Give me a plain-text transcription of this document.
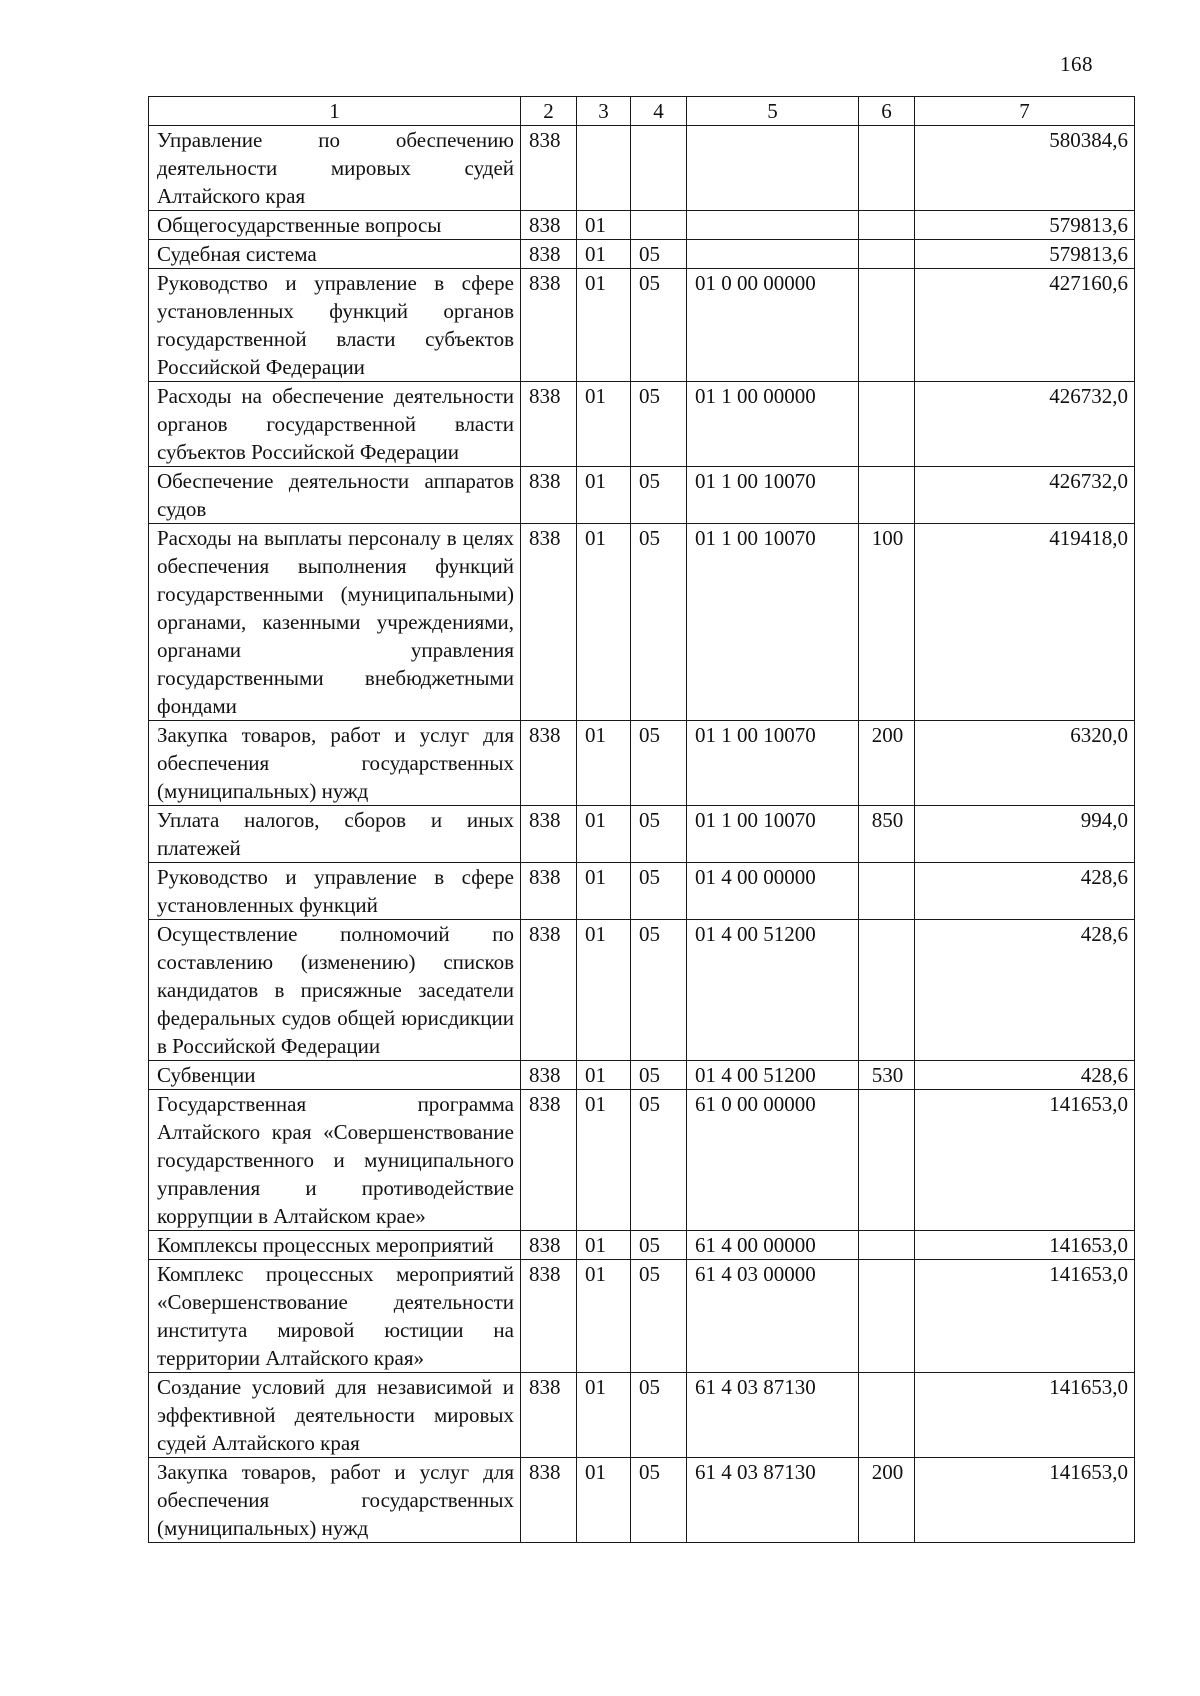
168
1	2	3	4	5	6	7
Управление по обеспечению деятельности мировых судей Алтайского края	838					580384,6
Общегосударственные вопросы	838	01				579813,6
Судебная система	838	01	05			579813,6
Руководство и управление в сфере установленных функций органов государственной власти субъектов Российской Федерации	838	01	05	01 0 00 00000		427160,6
Расходы на обеспечение деятельности органов государственной власти субъектов Российской Федерации	838	01	05	01 1 00 00000		426732,0
Обеспечение деятельности аппаратов судов	838	01	05	01 1 00 10070		426732,0
Расходы на выплаты персоналу в целях обеспечения выполнения функций государственными (муниципальными) органами, казенными учреждениями, органами управления государственными внебюджетными фондами	838	01	05	01 1 00 10070	100	419418,0
Закупка товаров, работ и услуг для обеспечения государственных (муниципальных) нужд	838	01	05	01 1 00 10070	200	6320,0
Уплата налогов, сборов и иных платежей	838	01	05	01 1 00 10070	850	994,0
Руководство и управление в сфере установленных функций	838	01	05	01 4 00 00000		428,6
Осуществление полномочий по составлению (изменению) списков кандидатов в присяжные заседатели федеральных судов общей юрисдикции в Российской Федерации	838	01	05	01 4 00 51200		428,6
Субвенции	838	01	05	01 4 00 51200	530	428,6
Государственная программа Алтайского края «Совершенствование государственного и муниципального управления и противодействие коррупции в Алтайском крае»	838	01	05	61 0 00 00000		141653,0
Комплексы процессных мероприятий	838	01	05	61 4 00 00000		141653,0
Комплекс процессных мероприятий «Совершенствование деятельности института мировой юстиции на территории Алтайского края»	838	01	05	61 4 03 00000		141653,0
Создание условий для независимой и эффективной деятельности мировых судей Алтайского края	838	01	05	61 4 03 87130		141653,0
Закупка товаров, работ и услуг для обеспечения государственных (муниципальных) нужд	838	01	05	61 4 03 87130	200	141653,0
